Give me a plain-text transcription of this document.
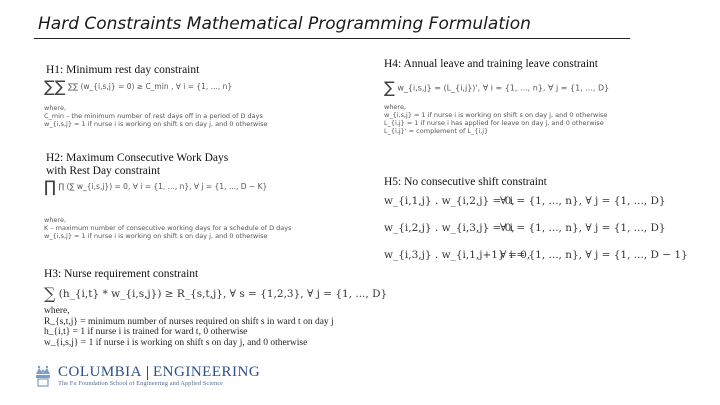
Hard Constraints Mathematical Programming Formulation
H1: Minimum rest day constraint
∑∑ ∑∑ (w_{i,s,j} = 0) ≥ C_min , ∀ i = {1, ..., n}
where,
C_min – the minimum number of rest days off in a period of D days
w_{i,s,j} = 1 if nurse i is working on shift s on day j, and 0 otherwise
H2: Maximum Consecutive Work Days
with Rest Day constraint
∏ ∏ (∑ w_{i,s,j}) = 0, ∀ i = {1, ..., n}, ∀ j = {1, ..., D − K}
where,
K – maximum number of consecutive working days for a schedule of D days
w_{i,s,j} = 1 if nurse i is working on shift s on day j, and 0 otherwise
H3: Nurse requirement constraint
∑ (h_{i,t} * w_{i,s,j}) ≥ R_{s,t,j}, ∀ s = {1,2,3}, ∀ j = {1, ..., D}
where,
R_{s,t,j} = minimum number of nurses required on shift s in ward t on day j
h_{i,t} = 1 if nurse i is trained for ward t, 0 otherwise
w_{i,s,j} = 1 if nurse i is working on shift s on day j, and 0 otherwise
H4: Annual leave and training leave constraint
∑ w_{i,s,j} = (L_{i,j})', ∀ i = {1, ..., n}, ∀ j = {1, ..., D}
where,
w_{i,s,j} = 1 if nurse i is working on shift s on day j, and 0 otherwise
L_{i,j} = 1 if nurse i has applied for leave on day j, and 0 otherwise
L_{i,j}' = complement of L_{i,j}
H5: No consecutive shift constraint
w_{i,1,j} . w_{i,2,j} = 0,
∀ i = {1, ..., n}, ∀ j = {1, ..., D}
w_{i,2,j} . w_{i,3,j} = 0,
∀ i = {1, ..., n}, ∀ j = {1, ..., D}
w_{i,3,j} . w_{i,1,j+1} = 0,
∀ i = {1, ..., n}, ∀ j = {1, ..., D − 1}
COLUMBIA ENGINEERING
The Fu Foundation School of Engineering and Applied Science
